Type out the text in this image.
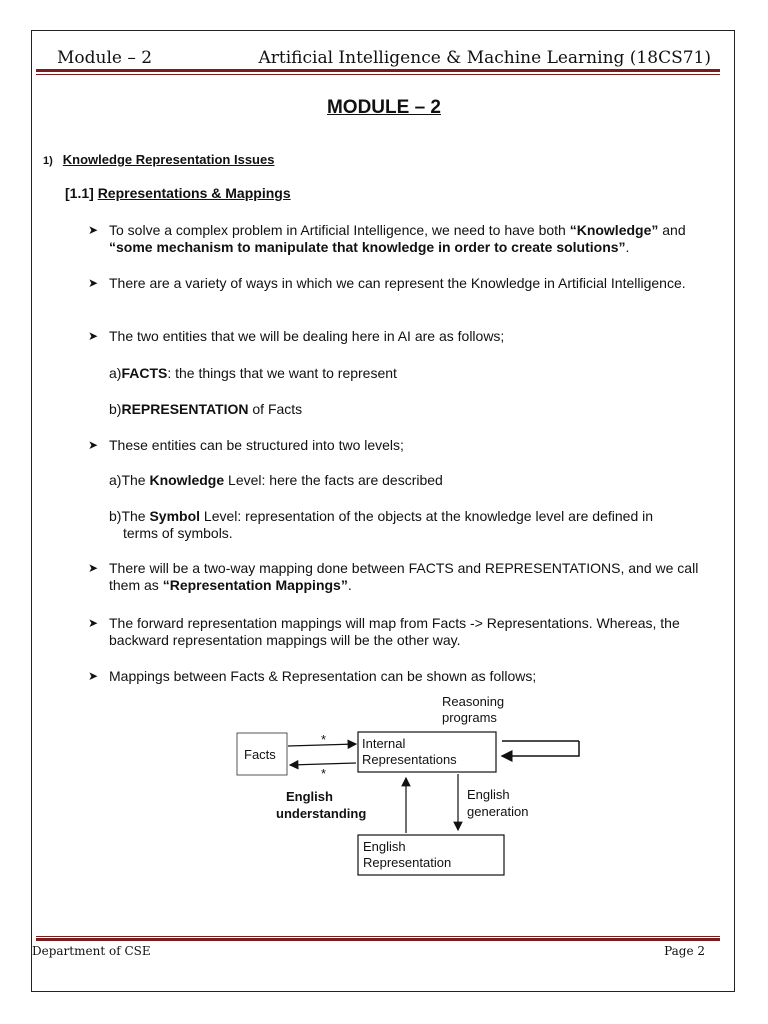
Module – 2	Artificial Intelligence & Machine Learning (18CS71)
MODULE – 2
1) Knowledge Representation Issues
[1.1] Representations & Mappings
➤ To solve a complex problem in Artificial Intelligence, we need to have both “Knowledge” and “some mechanism to manipulate that knowledge in order to create solutions”.
➤ There are a variety of ways in which we can represent the Knowledge in Artificial Intelligence.
➤ The two entities that we will be dealing here in AI are as follows;
a)FACTS: the things that we want to represent
b)REPRESENTATION of Facts
➤ These entities can be structured into two levels;
a)The Knowledge Level: here the facts are described
b)The Symbol Level: representation of the objects at the knowledge level are defined in
terms of symbols.
➤ There will be a two-way mapping done between FACTS and REPRESENTATIONS, and we call them as “Representation Mappings”.
➤ The forward representation mappings will map from Facts -> Representations. Whereas, the backward representation mappings will be the other way.
➤ Mappings between Facts & Representation can be shown as follows;
Facts
Internal
Representations
Reasoning
programs
*
*
English
Representation
English
understanding
English
generation
Department of CSE	Page 2
